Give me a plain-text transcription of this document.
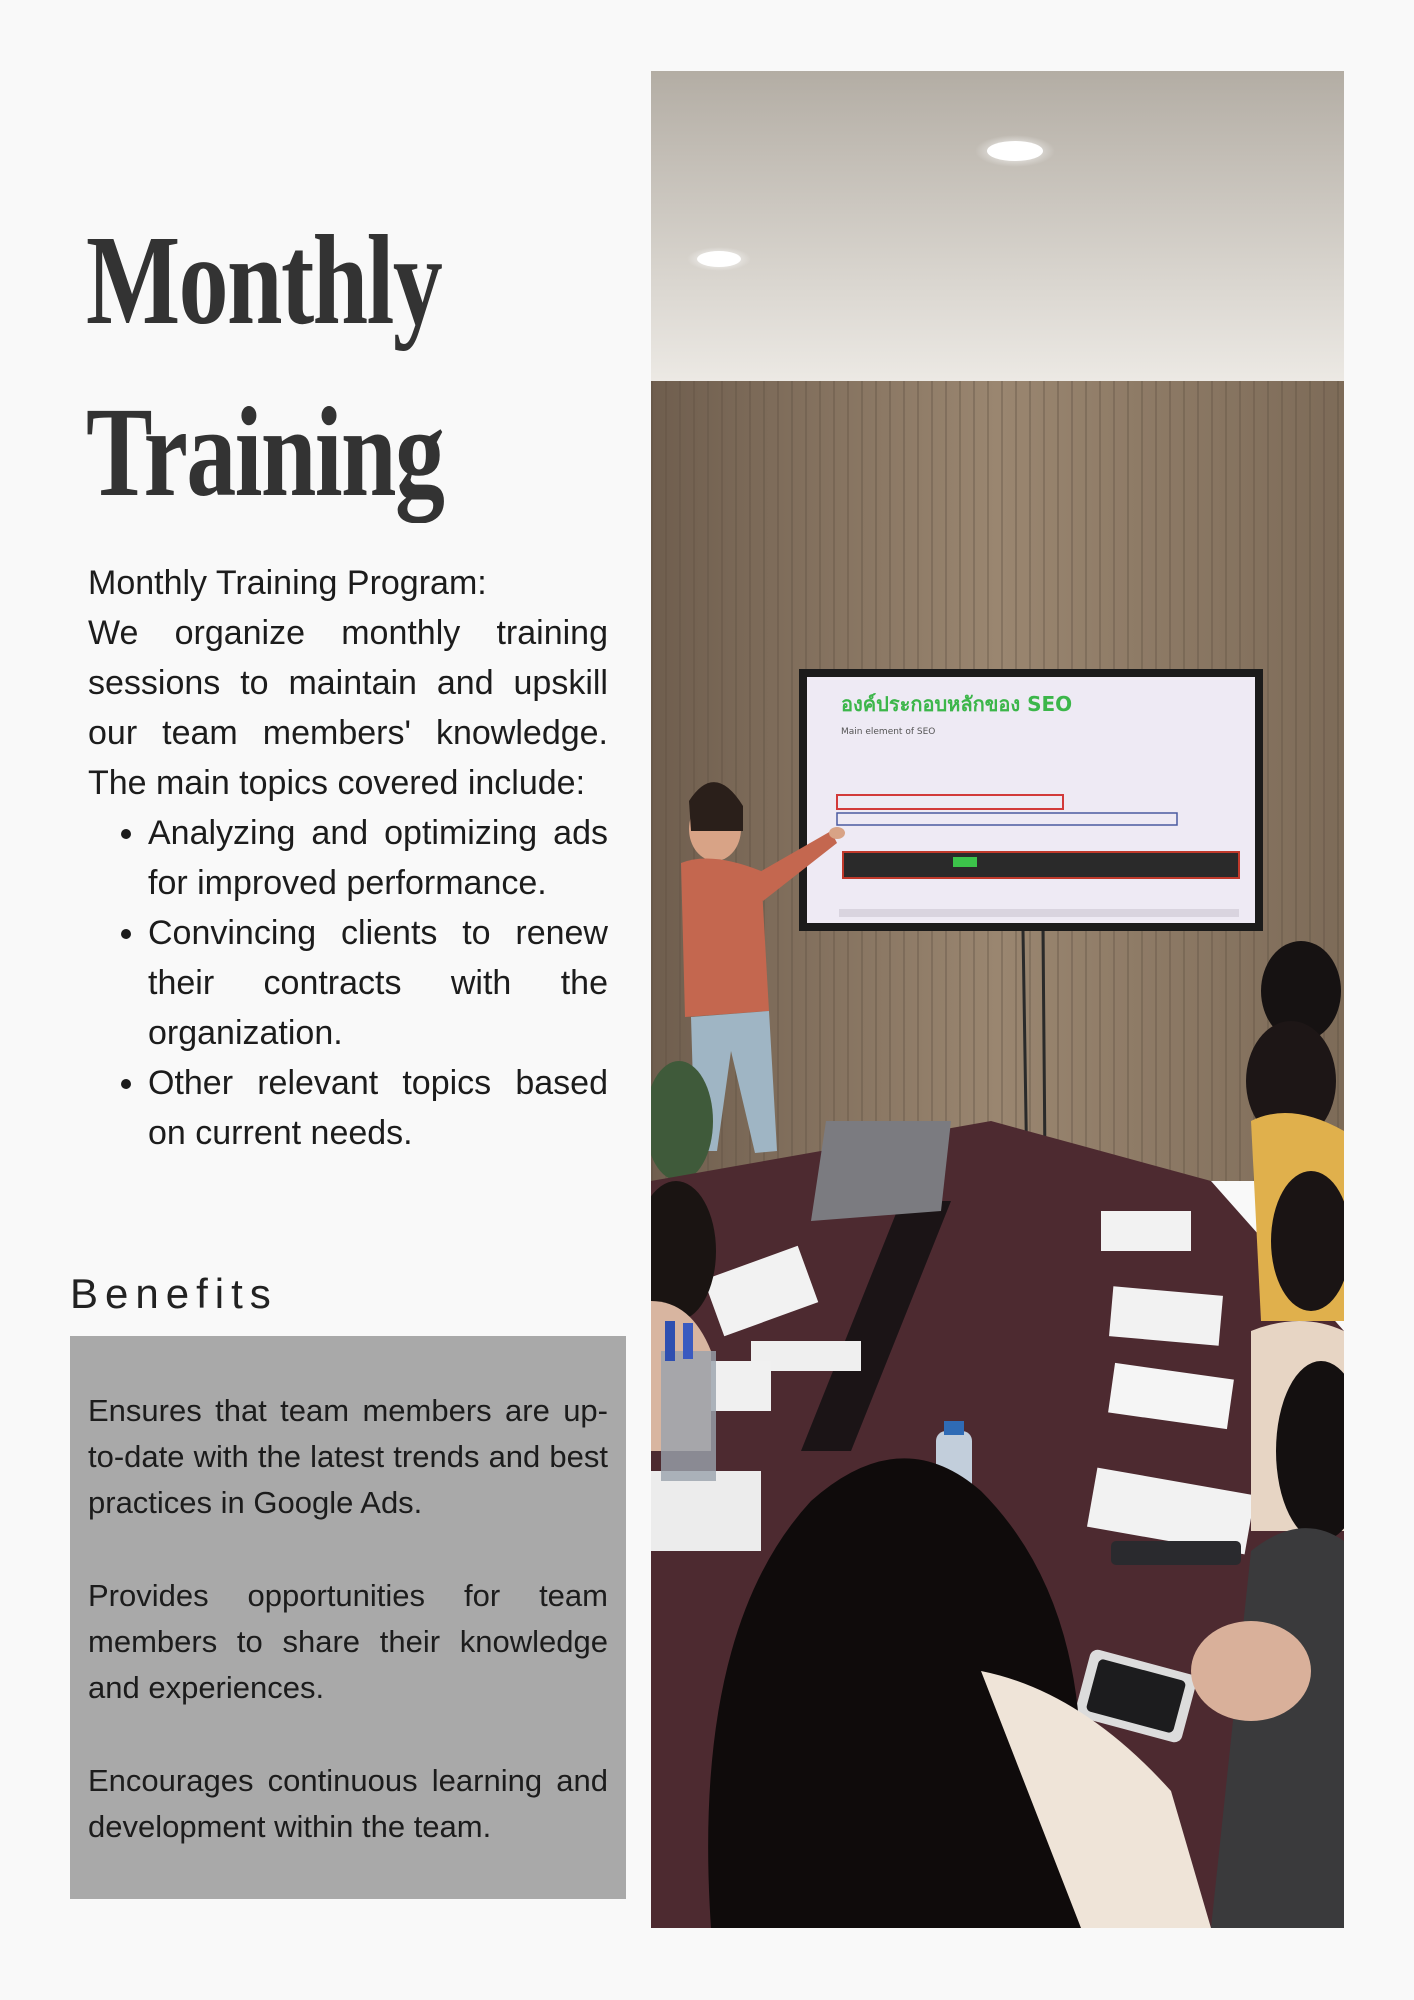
Monthly
Training

Monthly Training Program:

We organize monthly training sessions to maintain and upskill our team members' knowledge. The main topics covered include:

• Analyzing and optimizing ads for improved performance.
• Convincing clients to renew their contracts with the organization.
• Other relevant topics based on current needs.
Benefits

Ensures that team members are up-to-date with the latest trends and best practices in Google Ads.

Provides opportunities for team members to share their knowledge and experiences.

Encourages continuous learning and development within the team.

องค์ประกอบหลักของ SEO
Main element of SEO
